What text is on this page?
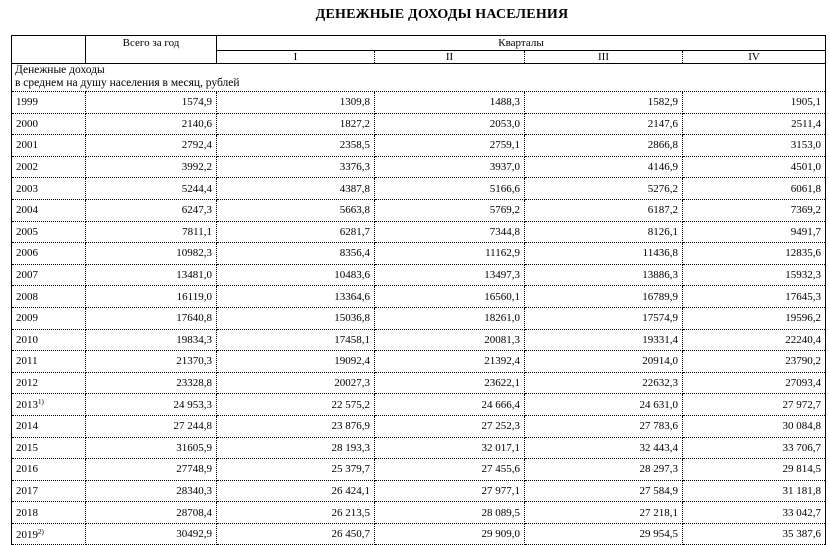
ДЕНЕЖНЫЕ ДОХОДЫ НАСЕЛЕНИЯ
	Всего за год	Кварталы			
		I	II	III	IV

Денежные доходы
в среднем на душу населения в месяц, рублей					

1999	1574,9	1309,8	1488,3	1582,9	1905,1
2000	2140,6	1827,2	2053,0	2147,6	2511,4
2001	2792,4	2358,5	2759,1	2866,8	3153,0
2002	3992,2	3376,3	3937,0	4146,9	4501,0
2003	5244,4	4387,8	5166,6	5276,2	6061,8
2004	6247,3	5663,8	5769,2	6187,2	7369,2
2005	7811,1	6281,7	7344,8	8126,1	9491,7
2006	10982,3	8356,4	11162,9	11436,8	12835,6
2007	13481,0	10483,6	13497,3	13886,3	15932,3
2008	16119,0	13364,6	16560,1	16789,9	17645,3
2009	17640,8	15036,8	18261,0	17574,9	19596,2
2010	19834,3	17458,1	20081,3	19331,4	22240,4
2011	21370,3	19092,4	21392,4	20914,0	23790,2
2012	23328,8	20027,3	23622,1	22632,3	27093,4
2013$^{1)}$	24 953,3	22 575,2	24 666,4	24 631,0	27 972,7
2014	27 244,8	23 876,9	27 252,3	27 783,6	30 084,8
2015	31605,9	28 193,3	32 017,1	32 443,4	33 706,7
2016	27748,9	25 379,7	27 455,6	28 297,3	29 814,5
2017	28340,3	26 424,1	27 977,1	27 584,9	31 181,8
2018	28708,4	26 213,5	28 089,5	27 218,1	33 042,7
2019$^{2)}$	30492,9	26 450,7	29 909,0	29 954,5	35 387,6
